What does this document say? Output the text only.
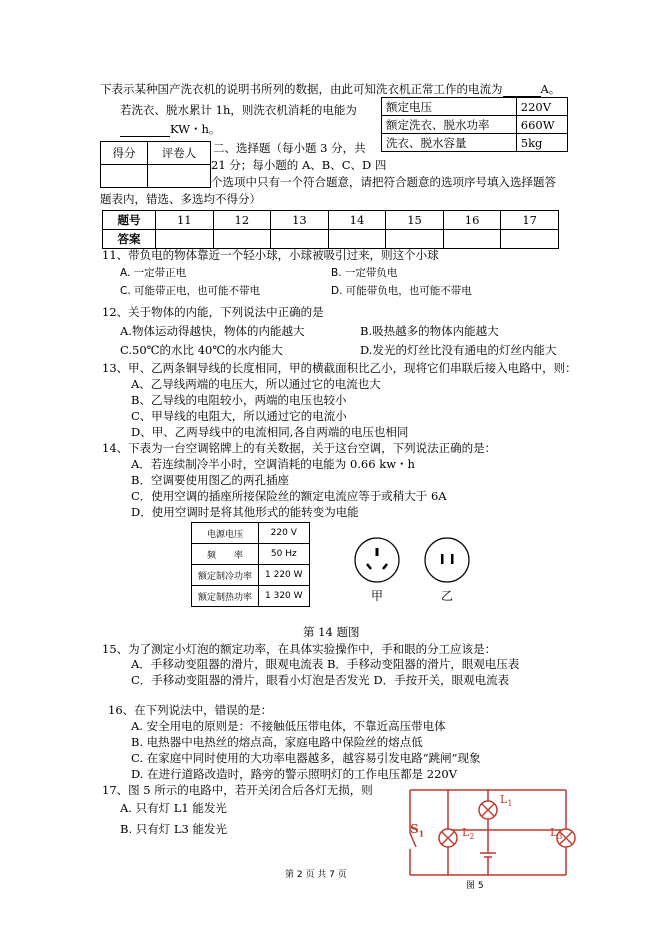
下表示某种国产洗衣机的说明书所列的数据，由此可知洗衣机正常工作的电流为	A。
若洗衣、脱水累计 1h，则洗衣机消耗的电能为
KW・h。
额定电压	220V
额定洗衣、脱水功率	660W
洗衣、脱水容量	5kg
得分	评卷人
	二、选择题（每小题 3 分，共
21 分；每小题的 A、B、C、D 四
个选项中只有一个符合题意，请把符合题意的选项序号填入选择题答
题表内，错选、多选均不得分）
题号	11	12	13	14	15	16	17
答案							
11、带负电的物体靠近一个轻小球，小球被吸引过来，则这个小球
A. 一定带正电	B. 一定带负电
C. 可能带正电，也可能不带电	D. 可能带负电，也可能不带电
12、关于物体的内能，下列说法中正确的是
A.物体运动得越快，物体的内能越大	B.吸热越多的物体内能越大
C.50℃的水比 40℃的水内能大	D.发光的灯丝比没有通电的灯丝内能大
13、甲、乙两条铜导线的长度相同，甲的横截面积比乙小，现将它们串联后接入电路中，则：
A、乙导线两端的电压大，所以通过它的电流也大
B、乙导线的电阻较小，两端的电压也较小
C、甲导线的电阻大，所以通过它的电流小
D、甲、乙两导线中的电流相同,各自两端的电压也相同
14、下表为一台空调铭牌上的有关数据，关于这台空调，下列说法正确的是：
A．若连续制冷半小时，空调消耗的电能为 0.66 kw・h
B．空调要使用图乙的两孔插座
C．使用空调的插座所接保险丝的额定电流应等于或稍大于 6A
D．使用空调时是将其他形式的能转变为电能
电源电压	220 V
频　　率	50 Hz
额定制冷功率	1 220 W
额定制热功率	1 320 W	甲	乙
第 14 题图
15、为了测定小灯泡的额定功率，在具体实验操作中，手和眼的分工应该是：
A．手移动变阻器的滑片，眼观电流表 B．手移动变阻器的滑片，眼观电压表
C．手移动变阻器的滑片，眼看小灯泡是否发光 D．手按开关，眼观电流表
16、在下列说法中，错误的是：
A. 安全用电的原则是：不接触低压带电体，不靠近高压带电体
B. 电热器中电热丝的熔点高，家庭电路中保险丝的熔点低
C. 在家庭中同时使用的大功率电器越多，越容易引发电路“跳闸”现象
D. 在进行道路改造时，路旁的警示照明灯的工作电压都是 220V
17、图 5 所示的电路中，若开关闭合后各灯无损，则
A. 只有灯 L1 能发光
B. 只有灯 L3 能发光	$S_1$	$L_2$
$L_1$
$L_3$
图 5
第 2 页 共 7 页
